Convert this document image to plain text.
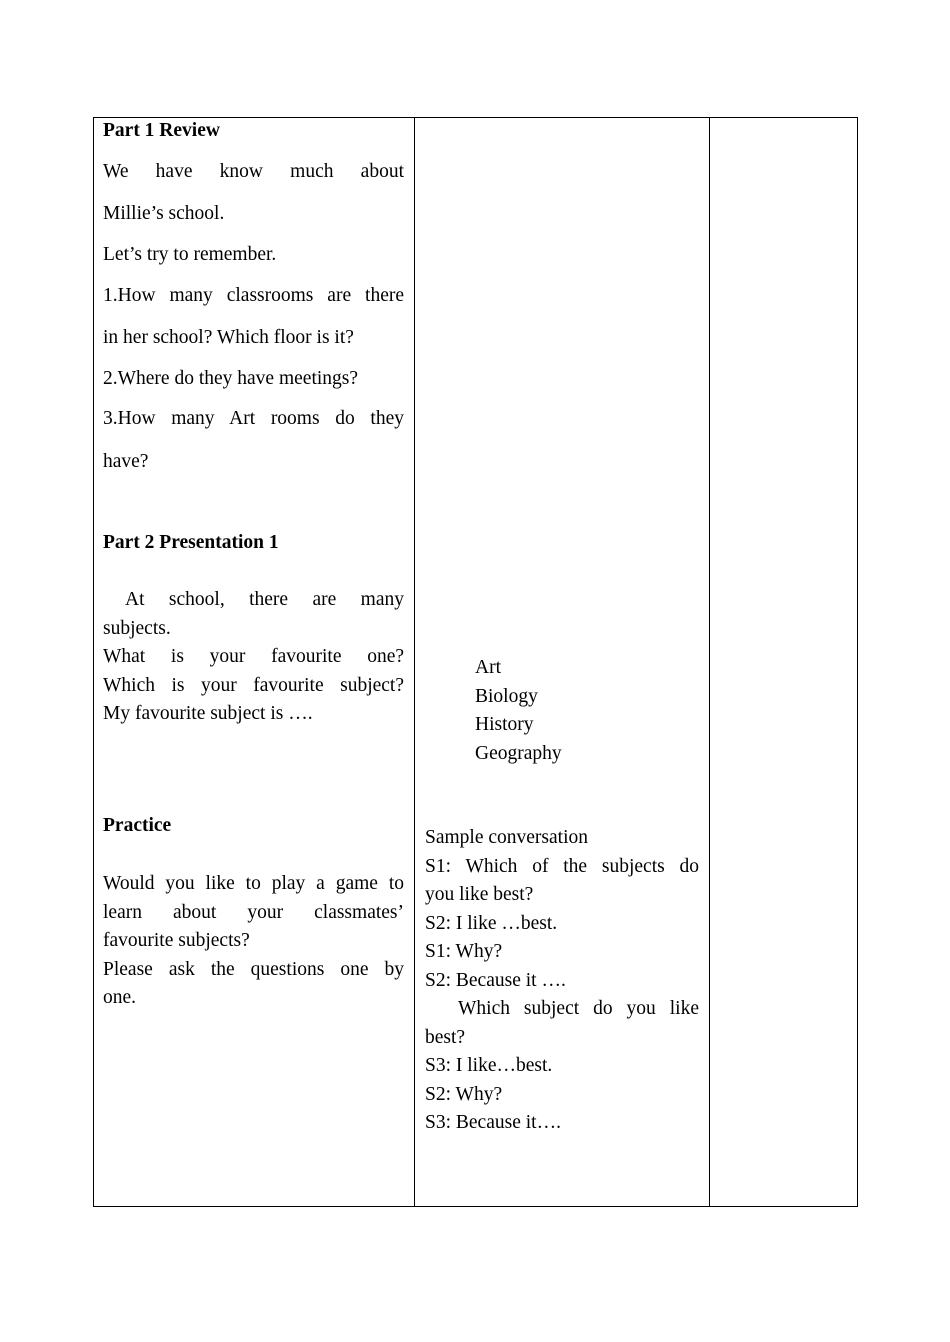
Part 1 Review
We have know much about
Millie’s school.
Let’s try to remember.
1.How many classrooms are there
in her school? Which floor is it?
2.Where do they have meetings?
3.How many Art rooms do they
have?
Part 2 Presentation 1
At school, there are many
subjects.
What is your favourite one?
Which is your favourite subject?
My favourite subject is ….
Art
Biology
History
Geography
Practice
Would you like to play a game to
learn about your classmates’
favourite subjects?
Please ask the questions one by
one.
Sample conversation
S1: Which of the subjects do
you like best?
S2: I like …best.
S1: Why?
S2: Because it ….
Which subject do you like
best?
S3: I like…best.
S2: Why?
S3: Because it….
